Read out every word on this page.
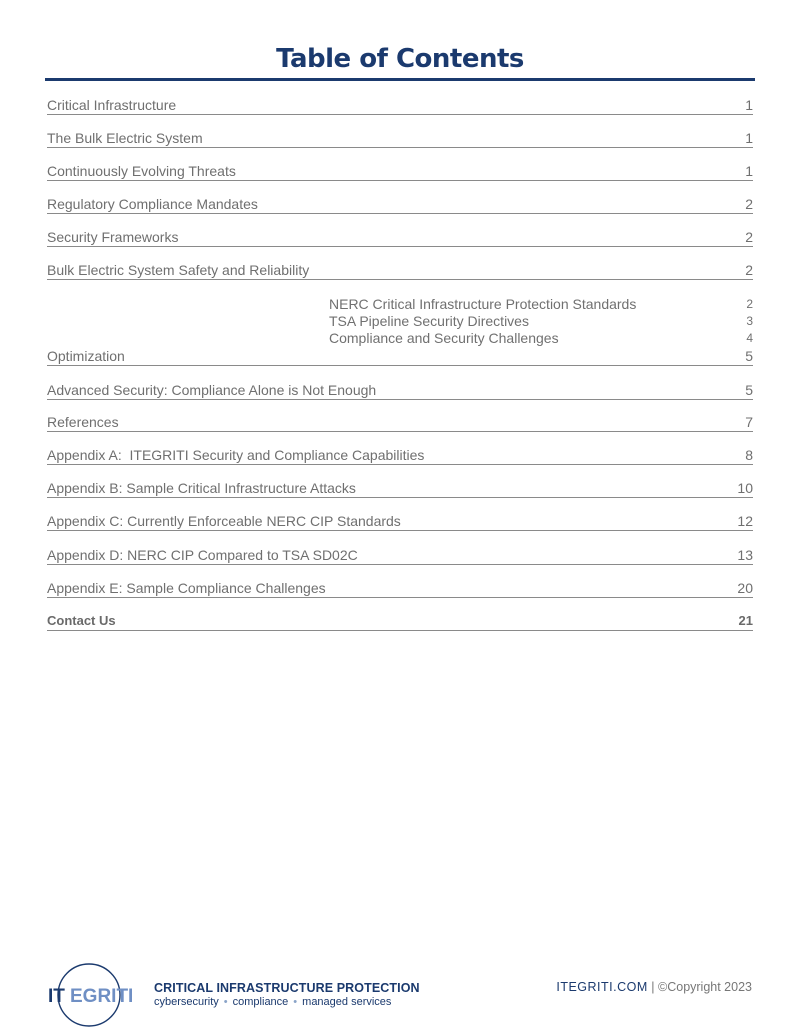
Table of Contents
Critical Infrastructure	1
The Bulk Electric System	1
Continuously Evolving Threats	1
Regulatory Compliance Mandates	2
Security Frameworks	2
Bulk Electric System Safety and Reliability	2
NERC Critical Infrastructure Protection Standards	2
TSA Pipeline Security Directives	3
Compliance and Security Challenges	4
Optimization	5
Advanced Security: Compliance Alone is Not Enough	5
References	7
Appendix A:  ITEGRITI Security and Compliance Capabilities	8
Appendix B: Sample Critical Infrastructure Attacks	10
Appendix C: Currently Enforceable NERC CIP Standards	12
Appendix D: NERC CIP Compared to TSA SD02C	13
Appendix E: Sample Compliance Challenges	20
Contact Us	21
IT EGRITI CRITICAL INFRASTRUCTURE PROTECTION
cybersecurity • compliance • managed services
ITEGRITI.COM | ©Copyright 2023
